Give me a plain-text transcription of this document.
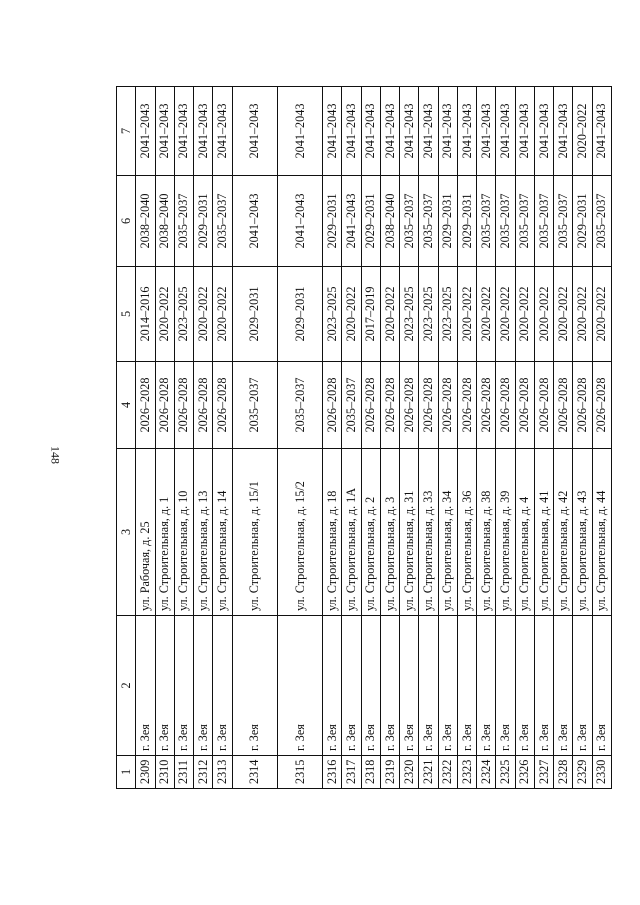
148
1	2	3	4	5	6	7
2309	г. Зея	ул. Рабочая, д. 25	2026–2028	2014–2016	2038–2040	2041–2043
2310	г. Зея	ул. Строительная, д. 1	2026–2028	2020–2022	2038–2040	2041–2043
2311	г. Зея	ул. Строительная, д. 10	2026–2028	2023–2025	2035–2037	2041–2043
2312	г. Зея	ул. Строительная, д. 13	2026–2028	2020–2022	2029–2031	2041–2043
2313	г. Зея	ул. Строительная, д. 14	2026–2028	2020–2022	2035–2037	2041–2043
2314	г. Зея	ул. Строительная, д. 15/1	2035–2037	2029–2031	2041–2043	2041–2043
2315	г. Зея	ул. Строительная, д. 15/2	2035–2037	2029–2031	2041–2043	2041–2043
2316	г. Зея	ул. Строительная, д. 18	2026–2028	2023–2025	2029–2031	2041–2043
2317	г. Зея	ул. Строительная, д. 1А	2035–2037	2020–2022	2041–2043	2041–2043
2318	г. Зея	ул. Строительная, д. 2	2026–2028	2017–2019	2029–2031	2041–2043
2319	г. Зея	ул. Строительная, д. 3	2026–2028	2020–2022	2038–2040	2041–2043
2320	г. Зея	ул. Строительная, д. 31	2026–2028	2023–2025	2035–2037	2041–2043
2321	г. Зея	ул. Строительная, д. 33	2026–2028	2023–2025	2035–2037	2041–2043
2322	г. Зея	ул. Строительная, д. 34	2026–2028	2023–2025	2029–2031	2041–2043
2323	г. Зея	ул. Строительная, д. 36	2026–2028	2020–2022	2029–2031	2041–2043
2324	г. Зея	ул. Строительная, д. 38	2026–2028	2020–2022	2035–2037	2041–2043
2325	г. Зея	ул. Строительная, д. 39	2026–2028	2020–2022	2035–2037	2041–2043
2326	г. Зея	ул. Строительная, д. 4	2026–2028	2020–2022	2035–2037	2041–2043
2327	г. Зея	ул. Строительная, д. 41	2026–2028	2020–2022	2035–2037	2041–2043
2328	г. Зея	ул. Строительная, д. 42	2026–2028	2020–2022	2035–2037	2041–2043
2329	г. Зея	ул. Строительная, д. 43	2026–2028	2020–2022	2029–2031	2020–2022
2330	г. Зея	ул. Строительная, д. 44	2026–2028	2020–2022	2035–2037	2041–2043
